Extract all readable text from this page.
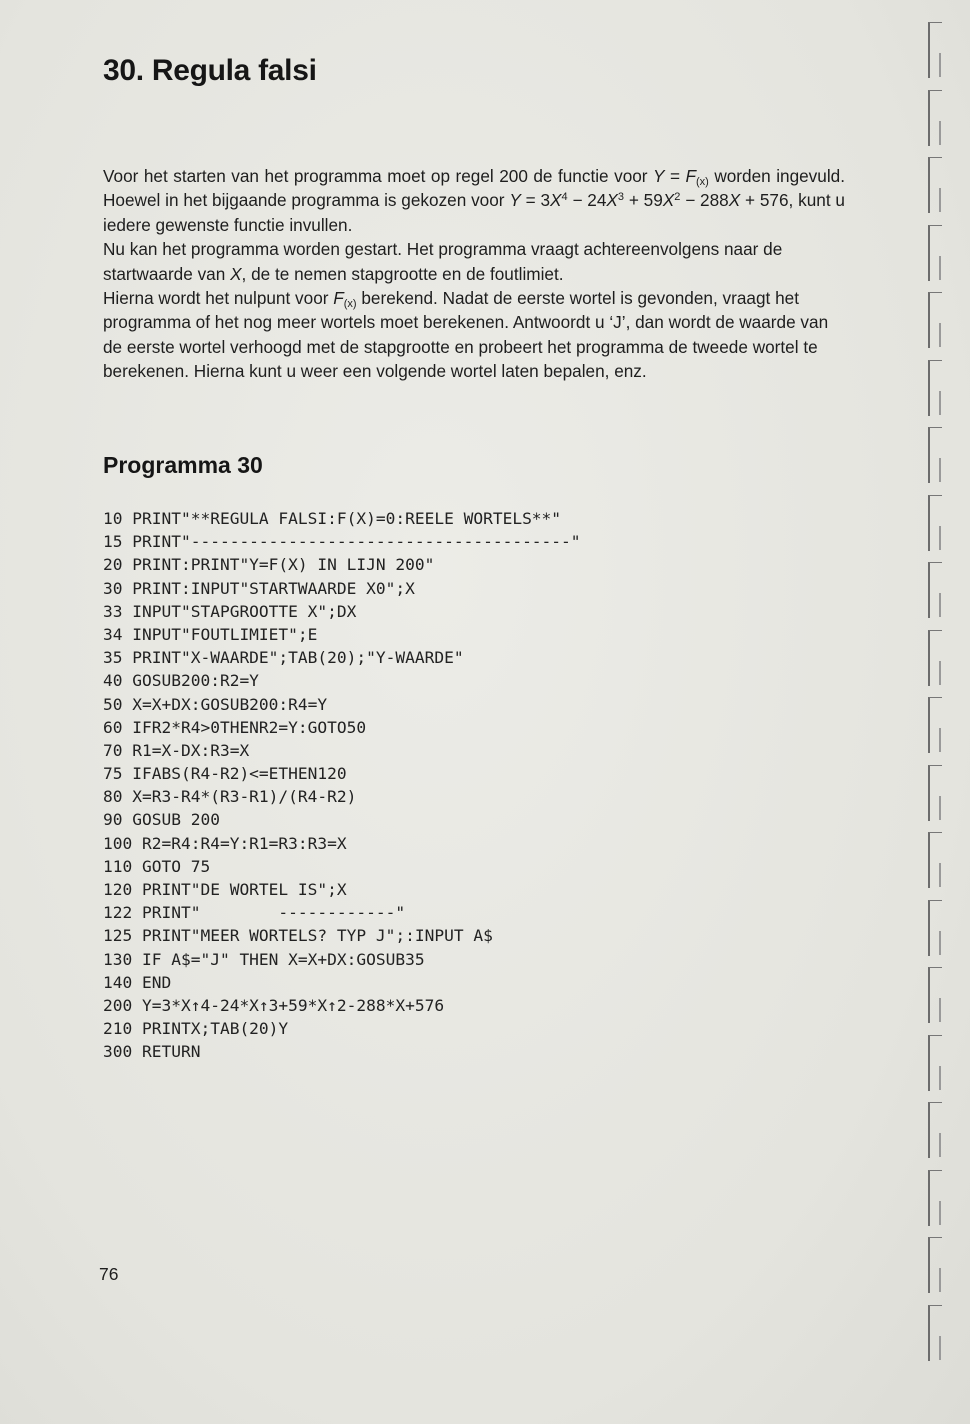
30. Regula falsi

Voor het starten van het programma moet op regel 200 de functie voor $Y = F_{(x)}$ worden ingevuld. Hoewel in het bijgaande programma is gekozen voor $Y = 3X^4 - 24X^3 + 59X^2 - 288X + 576$, kunt u iedere gewenste functie invullen.

Nu kan het programma worden gestart. Het programma vraagt achtereenvolgens naar de startwaarde van X, de te nemen stapgrootte en de foutlimiet.

Hierna wordt het nulpunt voor $F_{(x)}$ berekend. Nadat de eerste wortel is gevonden, vraagt het programma of het nog meer wortels moet berekenen. Antwoordt u ‘J’, dan wordt de waarde van de eerste wortel verhoogd met de stapgrootte en probeert het programma de tweede wortel te berekenen. Hierna kunt u weer een volgende wortel laten bepalen, enz.

Programma 30
10 PRINT"**REGULA FALSI:F(X)=0:REELE WORTELS**"
15 PRINT"---------------------------------------"
20 PRINT:PRINT"Y=F(X) IN LIJN 200"
30 PRINT:INPUT"STARTWAARDE X0";X
33 INPUT"STAPGROOTTE X";DX
34 INPUT"FOUTLIMIET";E
35 PRINT"X-WAARDE";TAB(20);"Y-WAARDE"
40 GOSUB200:R2=Y
50 X=X+DX:GOSUB200:R4=Y
60 IFR2*R4>0THENR2=Y:GOTO50
70 R1=X-DX:R3=X
75 IFABS(R4-R2)<=ETHEN120
80 X=R3-R4*(R3-R1)/(R4-R2)
90 GOSUB 200
100 R2=R4:R4=Y:R1=R3:R3=X
110 GOTO 75
120 PRINT"DE WORTEL IS";X
122 PRINT"        ------------"
125 PRINT"MEER WORTELS? TYP J";:INPUT A$
130 IF A$="J" THEN X=X+DX:GOSUB35
140 END
200 Y=3*X↑4-24*X↑3+59*X↑2-288*X+576
210 PRINTX;TAB(20)Y
300 RETURN
76
